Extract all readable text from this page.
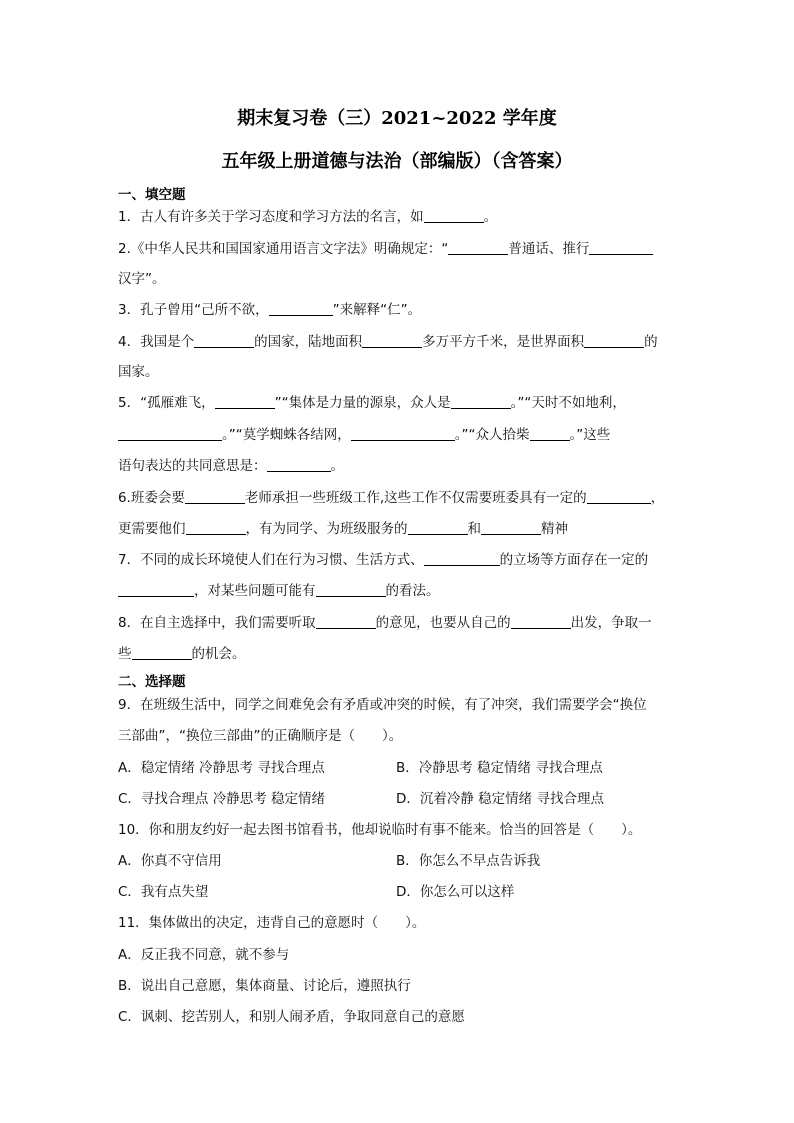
期末复习卷（三）2021~2022 学年度
五年级上册道德与法治（部编版）（含答案）
一、填空题
1．古人有许多关于学习态度和学习方法的名言，如	。
2.《中华人民共和国国家通用语言文字法》明确规定：“	普通话、推行
汉字”。
3．孔子曾用“己所不欲，	”来解释“仁”。
4．我国是个	的国家，陆地面积	多万平方千米，是世界面积	的
国家。
5．“孤雁难飞，	”“集体是力量的源泉，众人是	。”“天时不如地利，
。”“莫学蜘蛛各结网，	。”“众人拾柴	。”这些
语句表达的共同意思是：	。
6.班委会要	老师承担一些班级工作,这些工作不仅需要班委具有一定的	，
更需要他们	，有为同学、为班级服务的	和	精神
7．不同的成长环境使人们在行为习惯、生活方式、	的立场等方面存在一定的
，对某些问题可能有	的看法。
8．在自主选择中，我们需要听取	的意见，也要从自己的	出发，争取一
些	的机会。
二、选择题
9．在班级生活中，同学之间难免会有矛盾或冲突的时候，有了冲突，我们需要学会“换位
三部曲”，“换位三部曲”的正确顺序是（　　）。
A．稳定情绪 冷静思考 寻找合理点	B．冷静思考 稳定情绪 寻找合理点
C．寻找合理点 冷静思考 稳定情绪	D．沉着冷静 稳定情绪 寻找合理点
10．你和朋友约好一起去图书馆看书，他却说临时有事不能来。恰当的回答是（　　）。
A．你真不守信用	B．你怎么不早点告诉我
C．我有点失望	D．你怎么可以这样
11．集体做出的决定，违背自己的意愿时（　　）。
A．反正我不同意，就不参与
B．说出自己意愿，集体商量、讨论后，遵照执行
C．讽刺、挖苦别人，和别人闹矛盾，争取同意自己的意愿
